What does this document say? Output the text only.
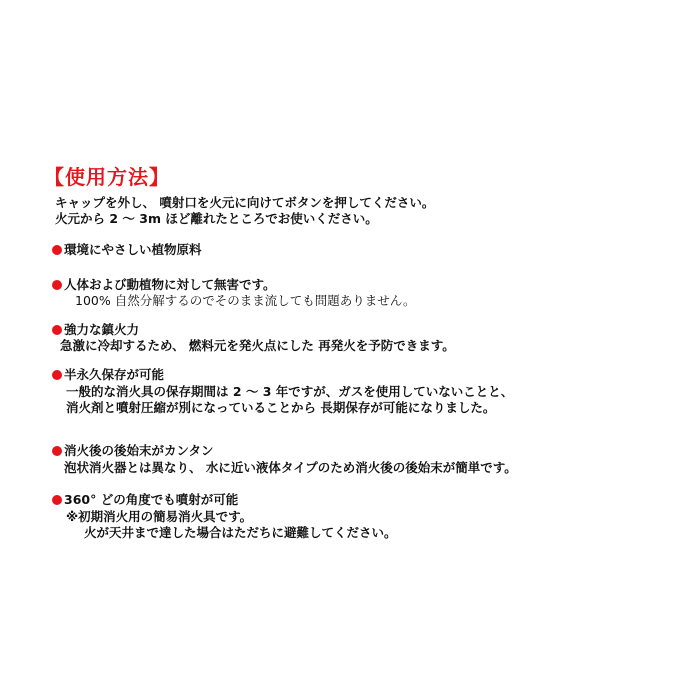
【使用方法】
キャップを外し、 噴射口を火元に向けてボタンを押してください。
火元から 2 ～ 3m ほど離れたところでお使いください。
環境にやさしい植物原料
人体および動植物に対して無害です。
100% 自然分解するのでそのまま流しても問題ありません。
強力な鎮火力
急激に冷却するため、 燃料元を発火点にした 再発火を予防できます。
半永久保存が可能
一般的な消火具の保存期間は 2 ～ 3 年ですが、ガスを使用していないことと、
消火剤と噴射圧縮が別になっていることから 長期保存が可能になりました。
消火後の後始末がカンタン
泡状消火器とは異なり、 水に近い液体タイプのため消火後の後始末が簡単です。
360° どの角度でも噴射が可能
※初期消火用の簡易消火具です。
火が天井まで達した場合はただちに避難してください。
